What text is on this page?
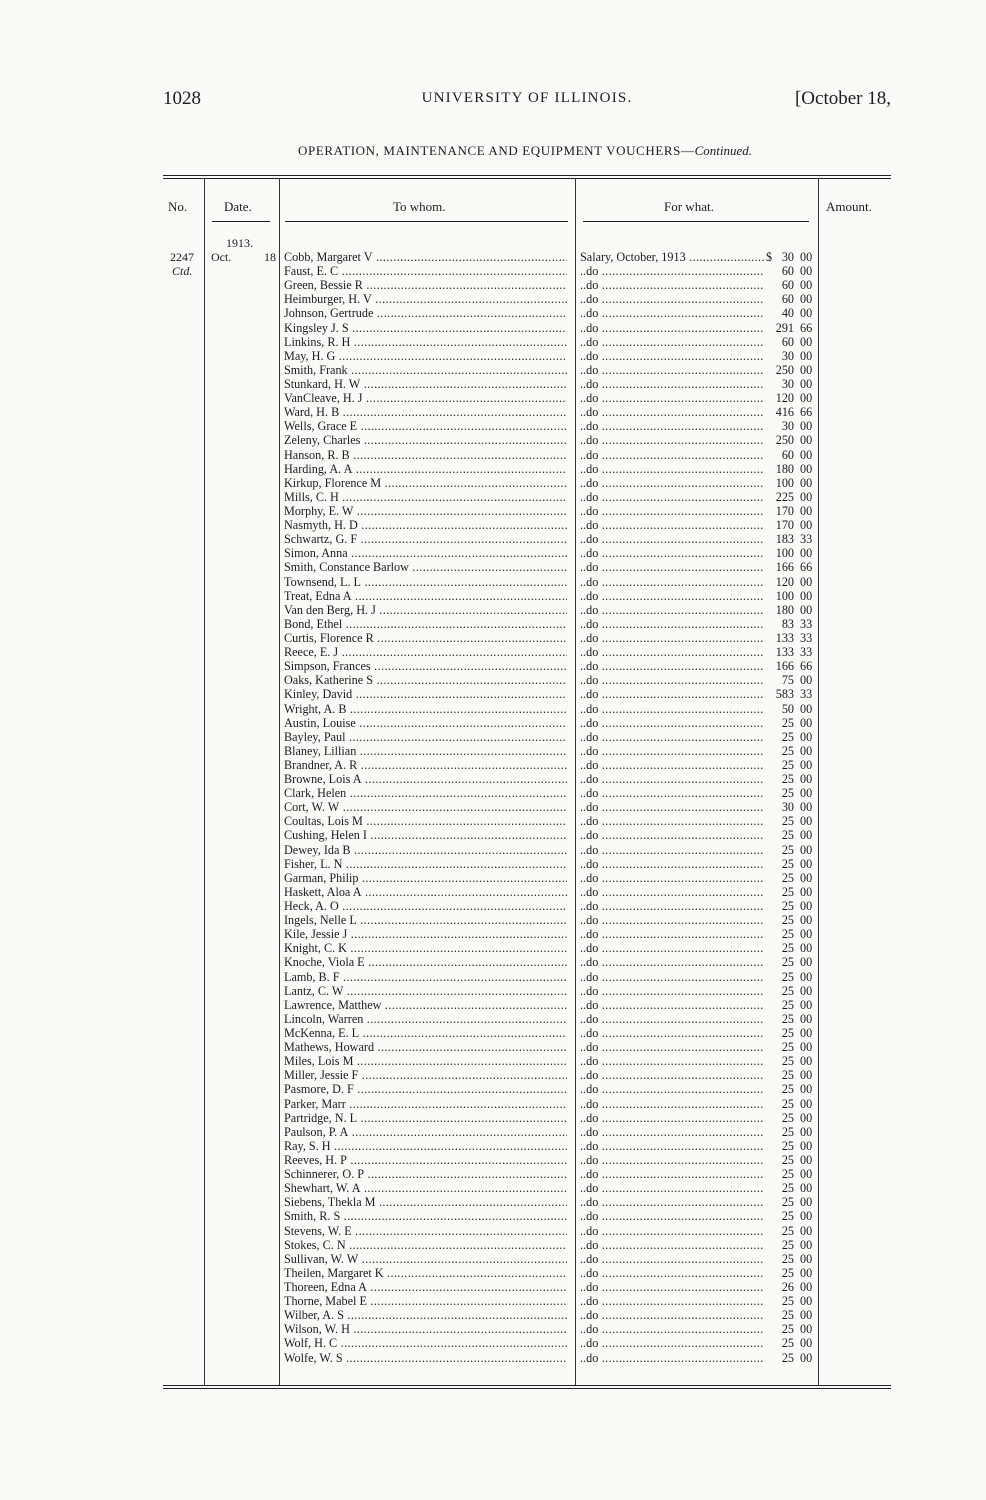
1028	UNIVERSITY OF ILLINOIS.	[October 18,
OPERATION, MAINTENANCE AND EQUIPMENT VOUCHERS—Continued.
No.	Date.	To whom.	For what.	Amount.
1913.
2247
Ctd.
Oct.	18 Cobb, Margaret V .....	Salary, October, 1913 .....	$ 30 00
Faust, E. C .....	..do .....	60 00
Green, Bessie R .....	..do .....	60 00
Heimburger, H. V .....	..do .....	60 00
Johnson, Gertrude .....	..do .....	40 00
Kingsley J. S .....	..do .....	291 66
Linkins, R. H .....	..do .....	60 00
May, H. G .....	..do .....	30 00
Smith, Frank .....	..do .....	250 00
Stunkard, H. W .....	..do .....	30 00
VanCleave, H. J .....	..do .....	120 00
Ward, H. B .....	..do .....	416 66
Wells, Grace E .....	..do .....	30 00
Zeleny, Charles .....	..do .....	250 00
Hanson, R. B .....	..do .....	60 00
Harding, A. A .....	..do .....	180 00
Kirkup, Florence M .....	..do .....	100 00
Mills, C. H .....	..do .....	225 00
Morphy, E. W .....	..do .....	170 00
Nasmyth, H. D .....	..do .....	170 00
Schwartz, G. F .....	..do .....	183 33
Simon, Anna .....	..do .....	100 00
Smith, Constance Barlow .....	..do .....	166 66
Townsend, L. L .....	..do .....	120 00
Treat, Edna A .....	..do .....	100 00
Van den Berg, H. J .....	..do .....	180 00
Bond, Ethel .....	..do .....	83 33
Curtis, Florence R .....	..do .....	133 33
Reece, E. J .....	..do .....	133 33
Simpson, Frances .....	..do .....	166 66
Oaks, Katherine S .....	..do .....	75 00
Kinley, David .....	..do .....	583 33
Wright, A. B .....	..do .....	50 00
Austin, Louise .....	..do .....	25 00
Bayley, Paul .....	..do .....	25 00
Blaney, Lillian .....	..do .....	25 00
Brandner, A. R .....	..do .....	25 00
Browne, Lois A .....	..do .....	25 00
Clark, Helen .....	..do .....	25 00
Cort, W. W .....	..do .....	30 00
Coultas, Lois M .....	..do .....	25 00
Cushing, Helen I .....	..do .....	25 00
Dewey, Ida B .....	..do .....	25 00
Fisher, L. N .....	..do .....	25 00
Garman, Philip .....	..do .....	25 00
Haskett, Aloa A .....	..do .....	25 00
Heck, A. O .....	..do .....	25 00
Ingels, Nelle L .....	..do .....	25 00
Kile, Jessie J .....	..do .....	25 00
Knight, C. K .....	..do .....	25 00
Knoche, Viola E .....	..do .....	25 00
Lamb, B. F .....	..do .....	25 00
Lantz, C. W .....	..do .....	25 00
Lawrence, Matthew .....	..do .....	25 00
Lincoln, Warren .....	..do .....	25 00
McKenna, E. L .....	..do .....	25 00
Mathews, Howard .....	..do .....	25 00
Miles, Lois M .....	..do .....	25 00
Miller, Jessie F .....	..do .....	25 00
Pasmore, D. F .....	..do .....	25 00
Parker, Marr .....	..do .....	25 00
Partridge, N. L .....	..do .....	25 00
Paulson, P. A .....	..do .....	25 00
Ray, S. H .....	..do .....	25 00
Reeves, H. P .....	..do .....	25 00
Schinnerer, O. P .....	..do .....	25 00
Shewhart, W. A .....	..do .....	25 00
Siebens, Thekla M .....	..do .....	25 00
Smith, R. S .....	..do .....	25 00
Stevens, W. E .....	..do .....	25 00
Stokes, C. N .....	..do .....	25 00
Sullivan, W. W .....	..do .....	25 00
Theilen, Margaret K .....	..do .....	25 00
Thoreen, Edna A .....	..do .....	26 00
Thorne, Mabel E .....	..do .....	25 00
Wilber, A. S .....	..do .....	25 00
Wilson, W. H .....	..do .....	25 00
Wolf, H. C .....	..do .....	25 00
Wolfe, W. S .....	..do .....	25 00
